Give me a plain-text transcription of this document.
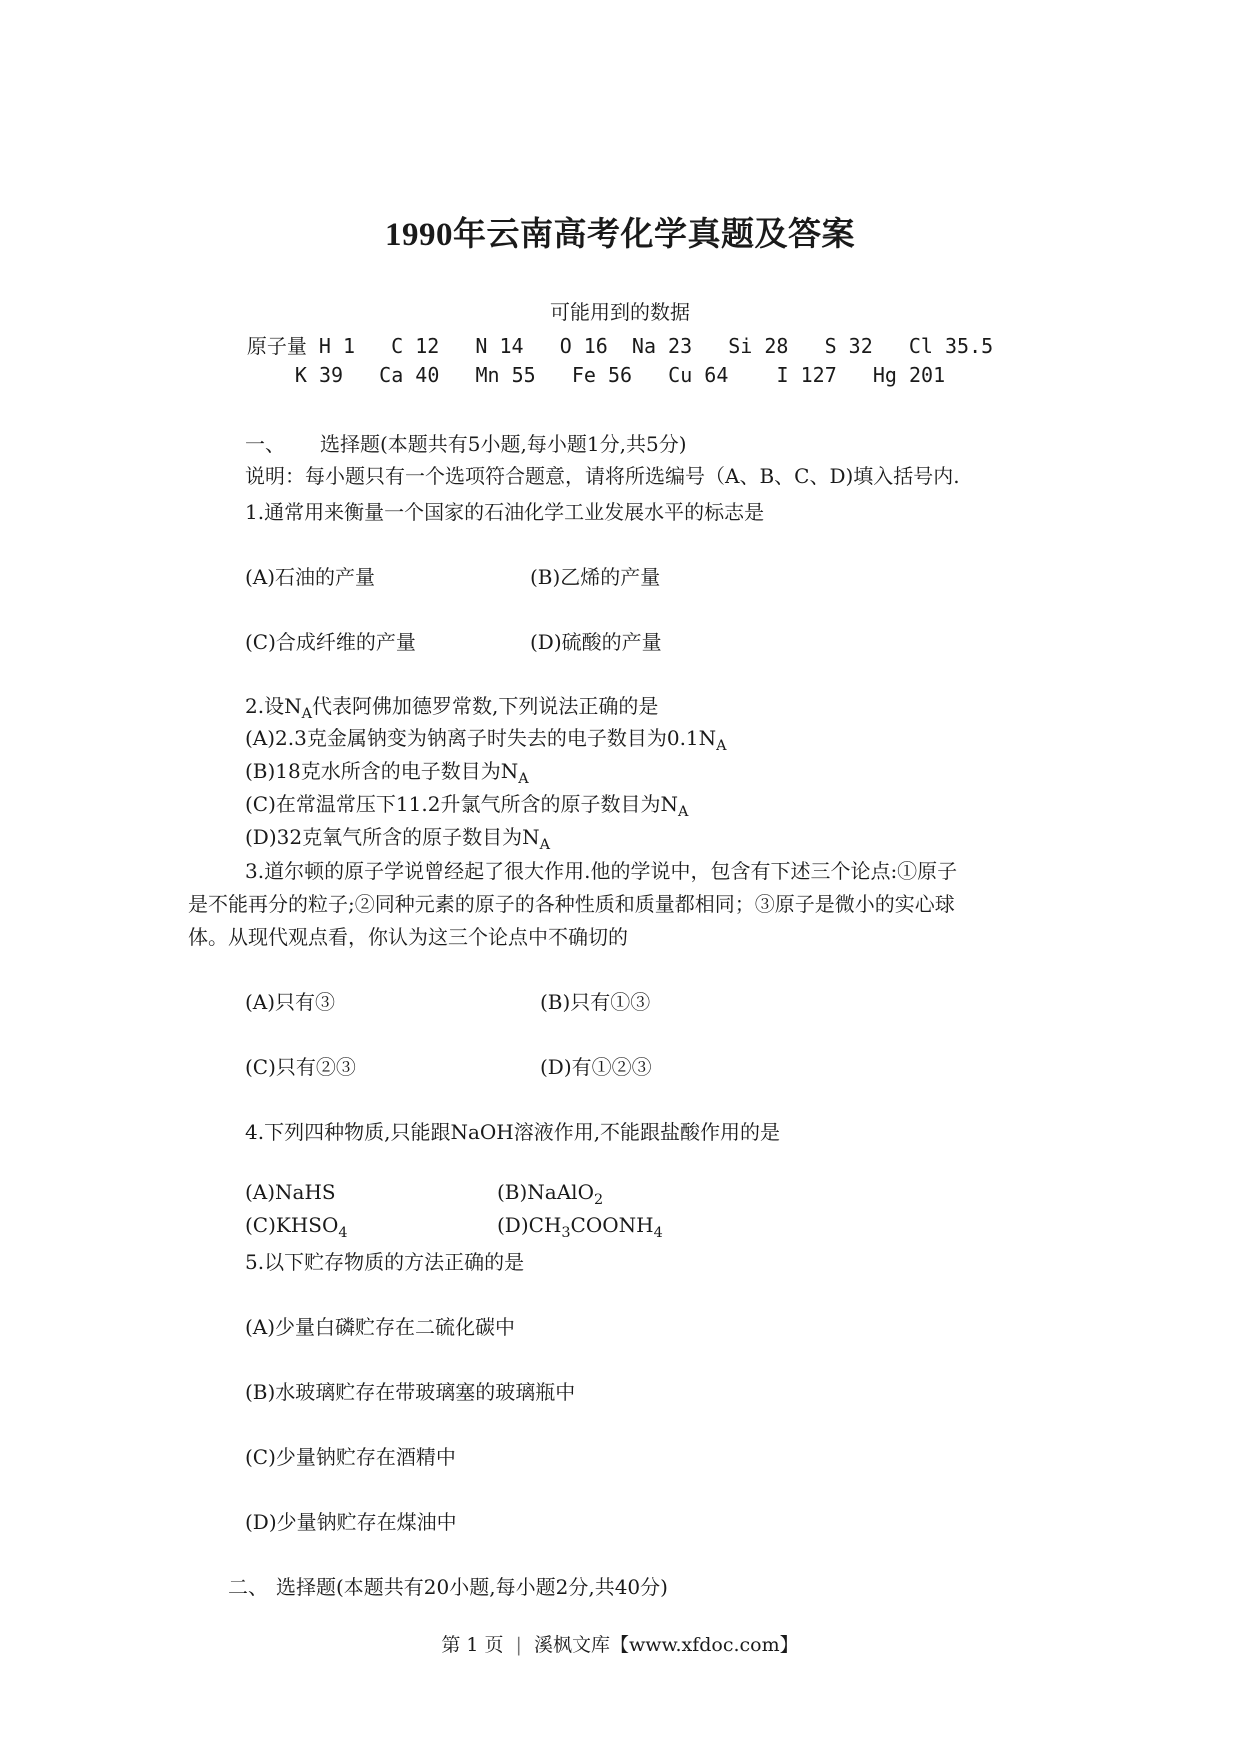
1990年云南高考化学真题及答案
可能用到的数据
原子量 H 1   C 12   N 14   O 16  Na 23   Si 28   S 32   Cl 35.5
K 39   Ca 40   Mn 55   Fe 56   Cu 64    I 127   Hg 201
一、 选择题(本题共有5小题,每小题1分,共5分)
说明：每小题只有一个选项符合题意，请将所选编号（A、B、C、D)填入括号内.
1.通常用来衡量一个国家的石油化学工业发展水平的标志是
(A)石油的产量	(B)乙烯的产量
(C)合成纤维的产量	(D)硫酸的产量
2.设$N_A$代表阿佛加德罗常数,下列说法正确的是
(A)2.3克金属钠变为钠离子时失去的电子数目为$0.1N_A$
(B)18克水所含的电子数目为$N_A$
(C)在常温常压下11.2升氯气所含的原子数目为$N_A$
(D)32克氧气所含的原子数目为$N_A$
3.道尔顿的原子学说曾经起了很大作用.他的学说中，包含有下述三个论点:①原子
是不能再分的粒子;②同种元素的原子的各种性质和质量都相同；③原子是微小的实心球
体。从现代观点看，你认为这三个论点中不确切的
(A)只有③	(B)只有①③
(C)只有②③	(D)有①②③
4.下列四种物质,只能跟NaOH溶液作用,不能跟盐酸作用的是
(A)NaHS	(B)NaAlO$_2$
$(C)KHSO_4$	$(D)CH_3COONH_4$
5.以下贮存物质的方法正确的是
(A)少量白磷贮存在二硫化碳中
(B)水玻璃贮存在带玻璃塞的玻璃瓶中
(C)少量钠贮存在酒精中
(D)少量钠贮存在煤油中
二、 选择题(本题共有20小题,每小题2分,共40分)
第 1 页 | 溪枫文库【www.xfdoc.com】
